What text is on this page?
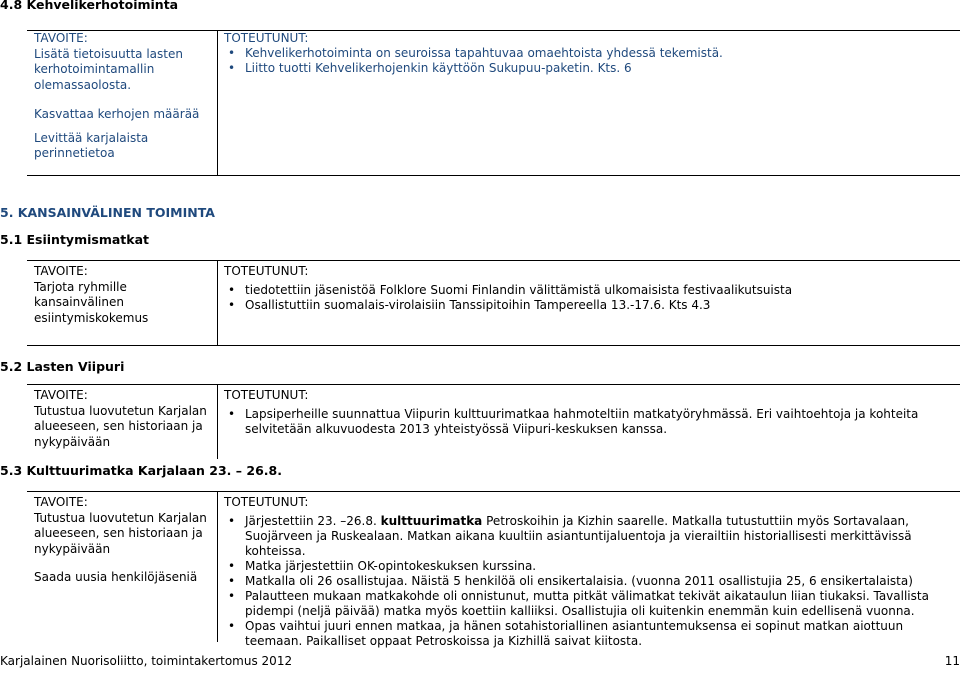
4.8 Kehvelikerhotoiminta
TAVOITE:
Lisätä tietoisuutta lasten kerhotoimintamallin olemassaolosta.
Kasvattaa kerhojen määrää
Levittää karjalaista perinnetietoa
TOTEUTUNUT:
• Kehvelikerhotoiminta on seuroissa tapahtuvaa omaehtoista yhdessä tekemistä.
• Liitto tuotti Kehvelikerhojenkin käyttöön Sukupuu-paketin. Kts. 6
5. KANSAINVÄLINEN TOIMINTA
5.1 Esiintymismatkat
TAVOITE:
Tarjota ryhmille kansainvälinen esiintymiskokemus
TOTEUTUNUT:
• tiedotettiin jäsenistöä Folklore Suomi Finlandin välittämistä ulkomaisista festivaalikutsuista
• Osallistuttiin suomalais-virolaisiin Tanssipitoihin Tampereella 13.-17.6. Kts 4.3
5.2 Lasten Viipuri
TAVOITE:
Tutustua luovutetun Karjalan alueeseen, sen historiaan ja nykypäivään
TOTEUTUNUT:
• Lapsiperheille suunnattua Viipurin kulttuurimatkaa hahmoteltiin matkatyöryhmässä. Eri vaihtoehtoja ja kohteita selvitetään alkuvuodesta 2013 yhteistyössä Viipuri-keskuksen kanssa.
5.3 Kulttuurimatka Karjalaan 23. – 26.8.
TAVOITE:
Tutustua luovutetun Karjalan alueeseen, sen historiaan ja nykypäivään
Saada uusia henkilöjäseniä
TOTEUTUNUT:
• Järjestettiin 23. –26.8. kulttuurimatka Petroskoihin ja Kizhin saarelle. Matkalla tutustuttiin myös Sortavalaan, Suojärveen ja Ruskealaan. Matkan aikana kuultiin asiantuntijaluentoja ja vierailtiin historiallisesti merkittävissä kohteissa.
• Matka järjestettiin OK-opintokeskuksen kurssina.
• Matkalla oli 26 osallistujaa. Näistä 5 henkilöä oli ensikertalaisia. (vuonna 2011 osallistujia 25, 6 ensikertalaista)
• Palautteen mukaan matkakohde oli onnistunut, mutta pitkät välimatkat tekivät aikataulun liian tiukaksi. Tavallista pidempi (neljä päivää) matka myös koettiin kalliiksi. Osallistujia oli kuitenkin enemmän kuin edellisenä vuonna.
• Opas vaihtui juuri ennen matkaa, ja hänen sotahistoriallinen asiantuntemuksensa ei sopinut matkan aiottuun teemaan. Paikalliset oppaat Petroskoissa ja Kizhillä saivat kiitosta.
Karjalainen Nuorisoliitto, toimintakertomus 2012	11
